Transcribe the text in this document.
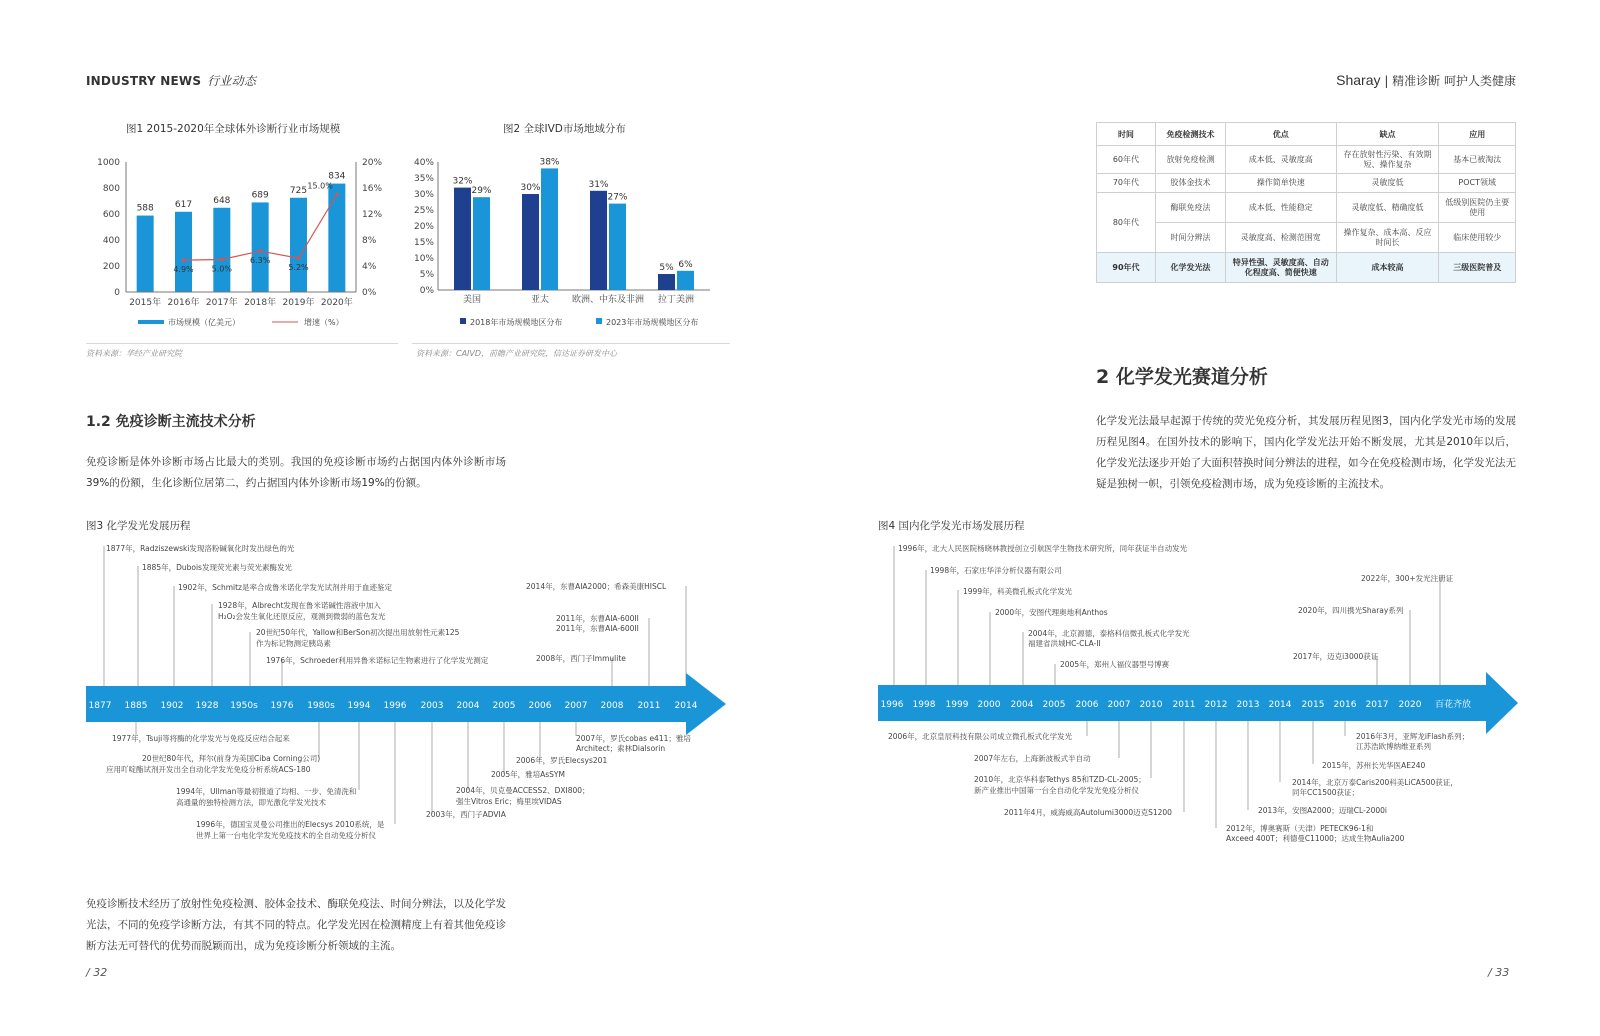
INDUSTRY NEWS 行业动态	Sharay | 精准诊断 呵护人类健康
图1 2015-2020年全球体外诊断行业市场规模
588 617
4.9%
648
5.0%
689
6.3%
725
5.2%
834
15.0%
0
200
400
600
800
1000
0%
4%
8%
12%
16%
20%
2015年 2016年 2017年 2018年 2019年 2020年
市场规模（亿美元）	增速（%）
资料来源：华经产业研究院
图2 全球IVD市场地域分布
0%
5%
10%
15%
20%
25%
30%
35%
40%
美国	亚太	欧洲、中东及非洲 拉丁美洲
32%
29%	30%
38%
31%
27%
5% 6%
2018年市场规模地区分布	2023年市场规模地区分布
资料来源：CAIVD，前瞻产业研究院，信达证券研发中心
时间	免疫检测技术	优点	缺点	应用
60年代	放射免疫检测	成本低、灵敏度高	存在放射性污染、有效期短、操作复杂	基本已被淘汰
70年代	胶体金技术	操作简单快速	灵敏度低	POCT领域
80年代	酶联免疫法	成本低、性能稳定	灵敏度低、精确度低	低级别医院仍主要使用
	时间分辨法	灵敏度高、检测范围宽	操作复杂、成本高、反应时间长	临床使用较少
90年代	化学发光法	特异性强、灵敏度高、自动化程度高、简便快速	成本较高	三级医院普及
2 化学发光赛道分析
化学发光法最早起源于传统的荧光免疫分析，其发展历程见图3，国内化学发光市场的发展历程见图4。在国外技术的影响下，国内化学发光法开始不断发展，尤其是2010年以后，化学发光法逐步开始了大面积替换时间分辨法的进程，如今在免疫检测市场，化学发光法无疑是独树一帜，引领免疫检测市场，成为免疫诊断的主流技术。
1.2 免疫诊断主流技术分析
免疫诊断是体外诊断市场占比最大的类别。我国的免疫诊断市场约占据国内体外诊断市场39%的份额，生化诊断位居第二，约占据国内体外诊断市场19%的份额。
图3 化学发光发展历程
1877 1885 1902 1928 1950s 1976 1980s 1994 1996 2003 2004 2005 2006 2007 2008 2011 2014
1877年，Radziszewski发现洛粉碱氧化时发出绿色的光
1885年，Dubois发现荧光素与荧光素酶发光
1902年，Schmitz是率合成鲁米诺化学发光试剂并用于血迹鉴定
1928年，Albrecht发现在鲁米诺碱性溶液中加入
H₂O₂会发生氧化还原反应，观测到微弱的蓝色发光
20世纪50年代，Yallow和BerSon初次提出用放射性元素125
作为标记物测定胰岛素
1976年，Schroeder利用异鲁米诺标记生物素进行了化学发光测定
2014年，东曹AIA2000；希森美康HISCL
2011年，东曹AIA-600II
2011年，东曹AIA-600II
2008年，西门子Immulite
1977年，Tsuji等将酶的化学发光与免疫反应结合起来
20世纪80年代，拜尔(前身为美国Ciba Corning公司)
应用吖啶酯试剂开发出全自动化学发光免疫分析系统ACS-180
1994年，Ullman等最初报道了均相、一步、免清洗和
高通量的独特检测方法，即光激化学发光技术
1996年，德国宝灵曼公司推出的Elecsys 2010系统，是
世界上第一台电化学发光免疫技术的全自动免疫分析仪
2003年，西门子ADVIA
2004年，贝克曼ACCESS2、DXI800；
强生Vitros Eric；梅里埃VIDAS
2005年，雅培AsSYM
2006年，罗氏Elecsys201
2007年，罗氏cobas e411；雅培
Architect；索林Dialsorin
图4 国内化学发光市场发展历程
1996 1998 1999 2000 2004 2005 2006 2007 2010 2011 2012 2013 2014 2015 2016 2017 2020 百花齐放
1996年，北大人民医院杨晓林教授创立引航医学生物技术研究所，同年获证半自动发光
1998年，石家庄华洋分析仪器有限公司
1999年，科美微孔板式化学发光
2000年，安图代理奥地利Anthos
2004年，北京源德，泰格科信微孔板式化学发光
福建省洪城HC-CLA-II
2005年，郑州人福仪器型号博赛
2022年，300+发光注册证
2020年，四川携光Sharay系列
2017年，迈克i3000获证
2006年，北京皇辰科技有限公司成立微孔板式化学发光
2007年左右，上海新波板式半自动
2010年，北京华科泰Tethys 85和TZD-CL-2005；
新产业推出中国第一台全自动化学发光免疫分析仪
2011年4月，威海威高Autolumi3000迈克S1200
2016年3月，亚辉龙iFlash系列；
江苏浩欧博纳维亚系列
2015年，苏州长光华医AE240
2014年，北京万泰Caris200科美LiCA500获证，
同年CC1500获证；
2013年，安图A2000；迈瑞CL-2000i
2012年，博奥赛斯（天津）PETECK96-1和
Axceed 400T；利德曼C11000；达成生物Aulia200
免疫诊断技术经历了放射性免疫检测、胶体金技术、酶联免疫法、时间分辨法，以及化学发光法，不同的免疫学诊断方法，有其不同的特点。化学发光因在检测精度上有着其他免疫诊断方法无可替代的优势而脱颖而出，成为免疫诊断分析领域的主流。
/ 32	/ 33
